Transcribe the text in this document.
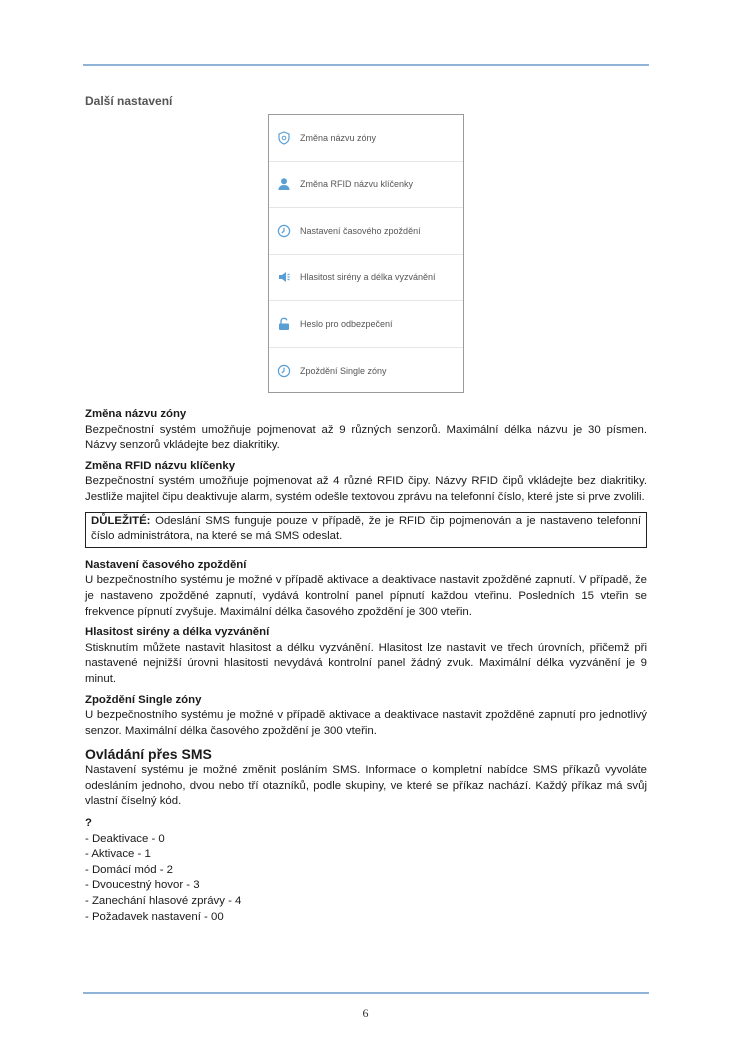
Další nastavení
Změna názvu zóny
Změna RFID názvu klíčenky
Nastavení časového zpoždění
Hlasitost sirény a délka vyzvánění
Heslo pro odbezpečení
Zpoždění Single zóny
Změna názvu zóny

Bezpečnostní systém umožňuje pojmenovat až 9 různých senzorů. Maximální délka názvu je 30 písmen. Názvy senzorů vkládejte bez diakritiky.

Změna RFID názvu klíčenky

Bezpečnostní systém umožňuje pojmenovat až 4 různé RFID čipy. Názvy RFID čipů vkládejte bez diakritiky. Jestliže majitel čipu deaktivuje alarm, systém odešle textovou zprávu na telefonní číslo, které jste si prve zvolili.

DŮLEŽITÉ: Odeslání SMS funguje pouze v případě, že je RFID čip pojmenován a je nastaveno telefonní číslo administrátora, na které se má SMS odeslat.
Nastavení časového zpoždění

U bezpečnostního systému je možné v případě aktivace a deaktivace nastavit zpožděné zapnutí. V případě, že je nastaveno zpožděné zapnutí, vydává kontrolní panel pípnutí každou vteřinu. Posledních 15 vteřin se frekvence pípnutí zvyšuje. Maximální délka časového zpoždění je 300 vteřin.

Hlasitost sirény a délka vyzvánění

Stisknutím můžete nastavit hlasitost a délku vyzvánění. Hlasitost lze nastavit ve třech úrovních, přičemž při nastavené nejnižší úrovni hlasitosti nevydává kontrolní panel žádný zvuk. Maximální délka vyzvánění je 9 minut.

Zpoždění Single zóny

U bezpečnostního systému je možné v případě aktivace a deaktivace nastavit zpožděné zapnutí pro jednotlivý senzor. Maximální délka časového zpoždění je 300 vteřin.

Ovládání přes SMS

Nastavení systému je možné změnit posláním SMS. Informace o kompletní nabídce SMS příkazů vyvoláte odesláním jednoho, dvou nebo tří otazníků, podle skupiny, ve které se příkaz nachází. Každý příkaz má svůj vlastní číselný kód.

?
- Deaktivace - 0
- Aktivace - 1
- Domácí mód - 2
- Dvoucestný hovor - 3
- Zanechání hlasové zprávy - 4
- Požadavek nastavení - 00
6
